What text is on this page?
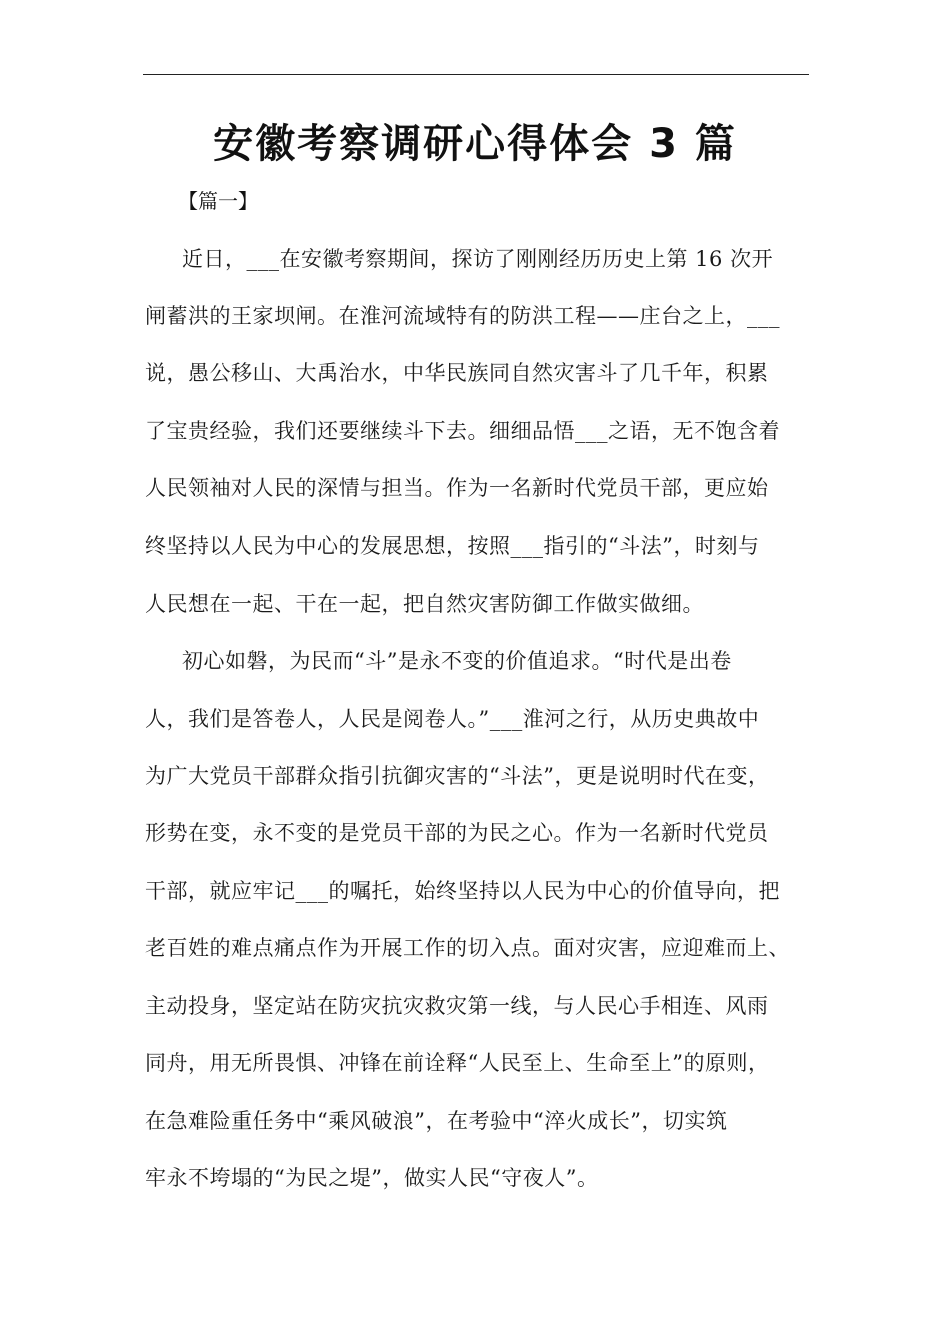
安徽考察调研心得体会 3 篇
【篇一】

近日，___在安徽考察期间，探访了刚刚经历历史上第 16 次开

闸蓄洪的王家坝闸。在淮河流域特有的防洪工程——庄台之上，___

说，愚公移山、大禹治水，中华民族同自然灾害斗了几千年，积累

了宝贵经验，我们还要继续斗下去。细细品悟___之语，无不饱含着

人民领袖对人民的深情与担当。作为一名新时代党员干部，更应始

终坚持以人民为中心的发展思想，按照___指引的“斗法”，时刻与

人民想在一起、干在一起，把自然灾害防御工作做实做细。

初心如磐，为民而“斗”是永不变的价值追求。“时代是出卷

人，我们是答卷人，人民是阅卷人。”___淮河之行，从历史典故中

为广大党员干部群众指引抗御灾害的“斗法”，更是说明时代在变，

形势在变，永不变的是党员干部的为民之心。作为一名新时代党员

干部，就应牢记___的嘱托，始终坚持以人民为中心的价值导向，把

老百姓的难点痛点作为开展工作的切入点。面对灾害，应迎难而上、

主动投身，坚定站在防灾抗灾救灾第一线，与人民心手相连、风雨

同舟，用无所畏惧、冲锋在前诠释“人民至上、生命至上”的原则，

在急难险重任务中“乘风破浪”，在考验中“淬火成长”，切实筑

牢永不垮塌的“为民之堤”，做实人民“守夜人”。
